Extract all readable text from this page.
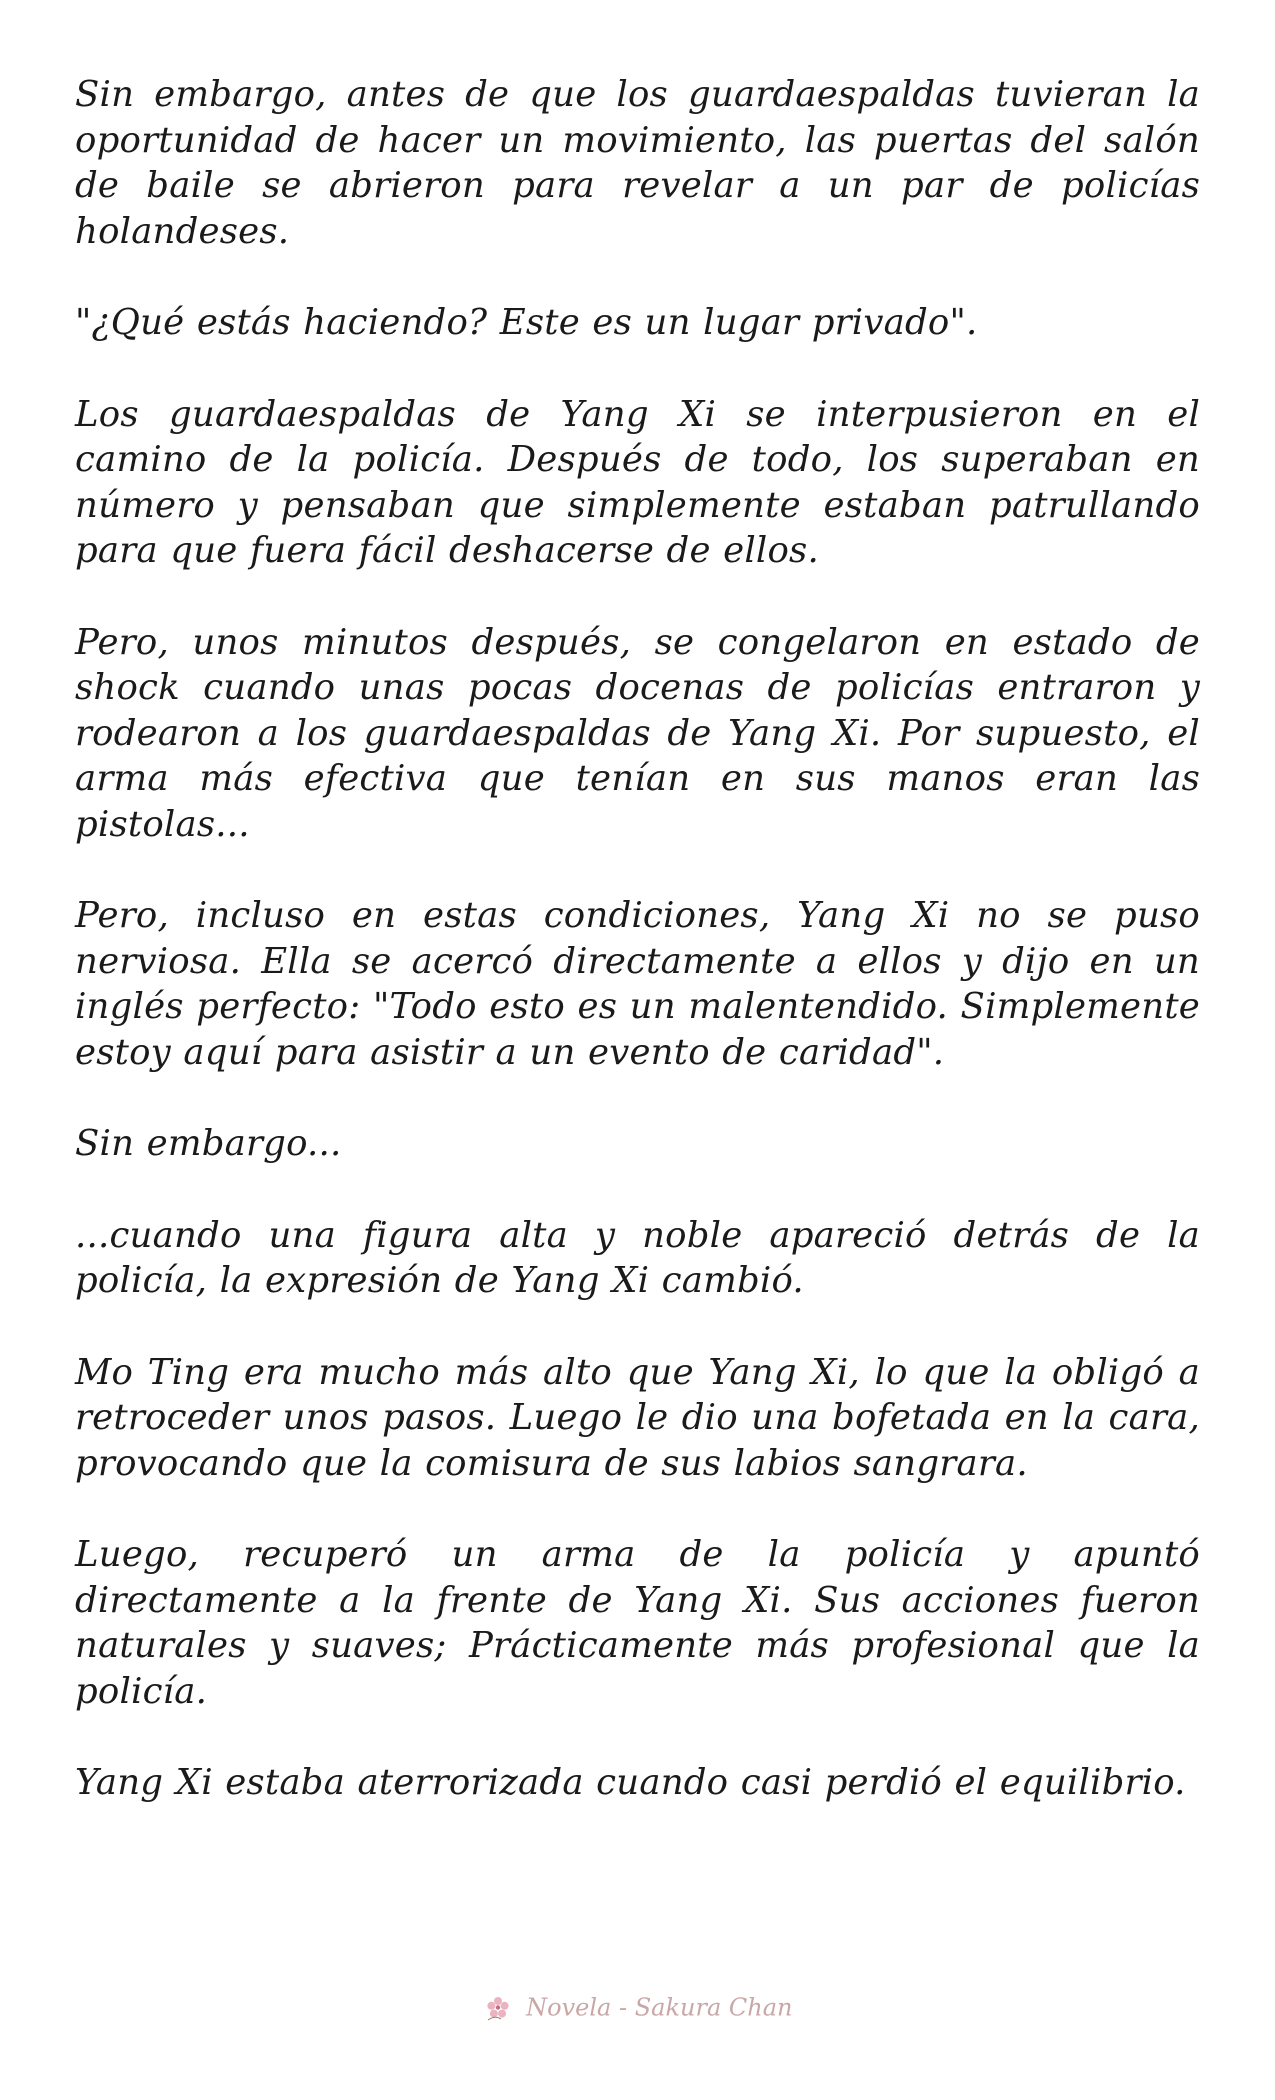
Sin embargo, antes de que los guardaespaldas tuvieran la oportunidad de hacer un movimiento, las puertas del salón de baile se abrieron para revelar a un par de policías holandeses.

"¿Qué estás haciendo? Este es un lugar privado".

Los guardaespaldas de Yang Xi se interpusieron en el camino de la policía. Después de todo, los superaban en número y pensaban que simplemente estaban patrullando para que fuera fácil deshacerse de ellos.

Pero, unos minutos después, se congelaron en estado de shock cuando unas pocas docenas de policías entraron y rodearon a los guardaespaldas de Yang Xi. Por supuesto, el arma más efectiva que tenían en sus manos eran las pistolas...

Pero, incluso en estas condiciones, Yang Xi no se puso nerviosa. Ella se acercó directamente a ellos y dijo en un inglés perfecto: "Todo esto es un malentendido. Simplemente estoy aquí para asistir a un evento de caridad".

Sin embargo...

...cuando una figura alta y noble apareció detrás de la policía, la expresión de Yang Xi cambió.

Mo Ting era mucho más alto que Yang Xi, lo que la obligó a retroceder unos pasos. Luego le dio una bofetada en la cara, provocando que la comisura de sus labios sangrara.

Luego, recuperó un arma de la policía y apuntó directamente a la frente de Yang Xi. Sus acciones fueron naturales y suaves; Prácticamente más profesional que la policía.

Yang Xi estaba aterrorizada cuando casi perdió el equilibrio.

Novela - Sakura Chan
